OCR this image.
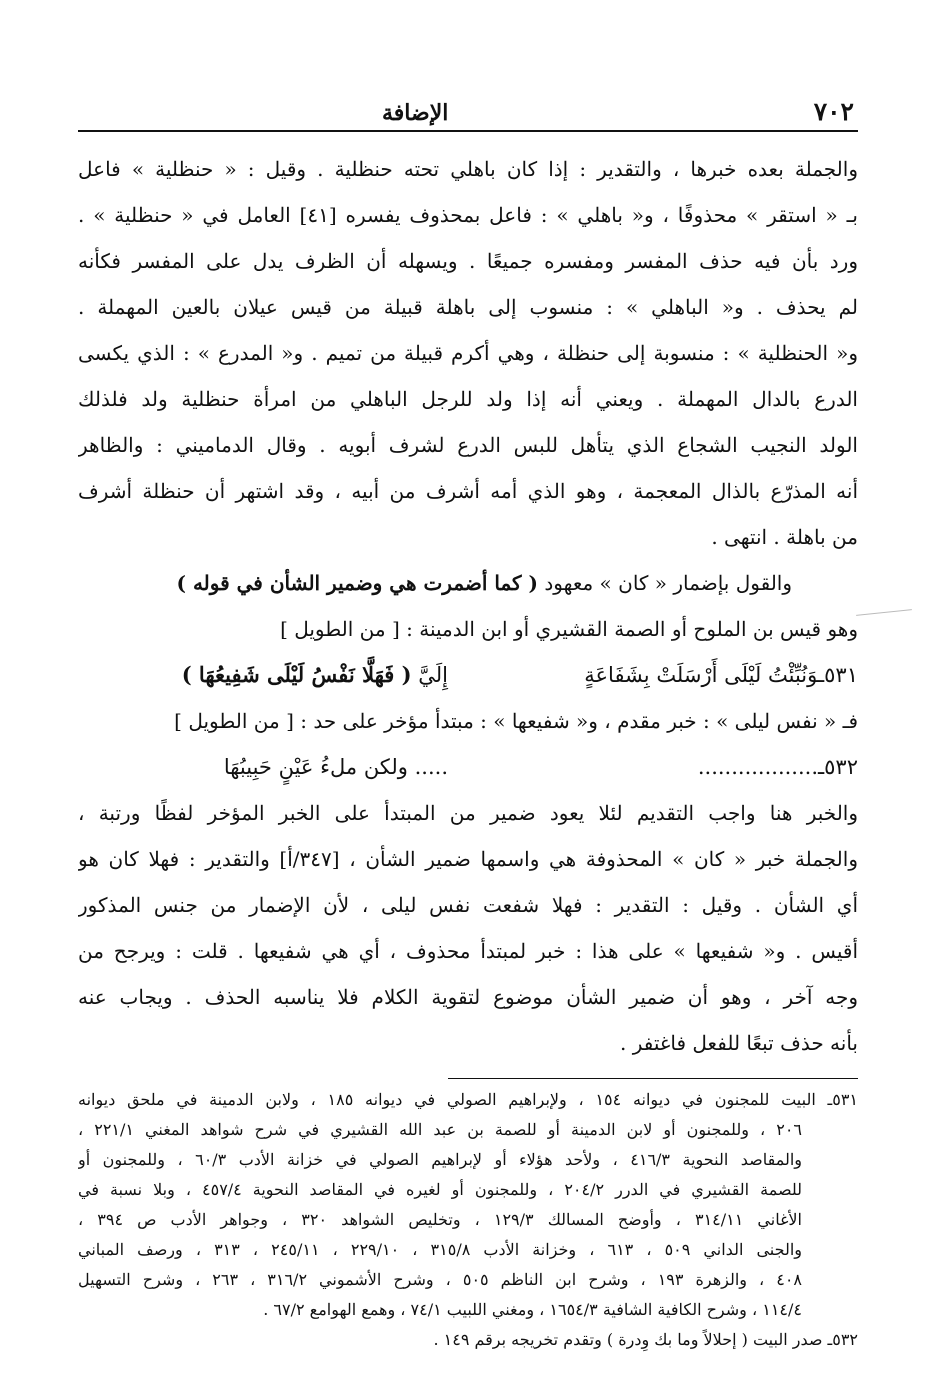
٧٠٢
الإضافة
والجملة بعده خبرها ، والتقدير : إذا كان باهلي تحته حنظلية . وقيل : « حنظلية » فاعل
بـ « استقر » محذوفًا ، و« باهلي » : فاعل بمحذوف يفسره [٤١] العامل في « حنظلية » .
ورد بأن فيه حذف المفسر ومفسره جميعًا . ويسهله أن الظرف يدل على المفسر فكأنه
لم يحذف . و« الباهلي » : منسوب إلى باهلة قبيلة من قيس عيلان بالعين المهملة .
و« الحنظلية » : منسوبة إلى حنظلة ، وهي أكرم قبيلة من تميم . و« المدرع » : الذي يكسى
الدرع بالدال المهملة . ويعني أنه إذا ولد للرجل الباهلي من امرأة حنظلية ولد فلذلك
الولد النجيب الشجاع الذي يتأهل للبس الدرع لشرف أبويه . وقال الدماميني : والظاهر
أنه المذرّع بالذال المعجمة ، وهو الذي أمه أشرف من أبيه ، وقد اشتهر أن حنظلة أشرف
من باهلة . انتهى .
والقول بإضمار « كان » معهود ( كما أضمرت هي وضمير الشأن في قوله )
وهو قيس بن الملوح أو الصمة القشيري أو ابن الدمينة : [ من الطويل ]
٥٣١ـوَنُبِّئْتُ لَيْلَى أَرْسَلَتْ بِشَفَاعَةٍ
إِلَيَّ ( فَهَلَّا نَفْسُ لَيْلَى شَفِيعُهَا )
فـ « نفس ليلى » : خبر مقدم ، و« شفيعها » : مبتدأ مؤخر على حد : [ من الطويل ]
٥٣٢ـ..................
..... ولكن ملءُ عَيْنٍ حَبِيبُهَا
والخبر هنا واجب التقديم لئلا يعود ضمير من المبتدأ على الخبر المؤخر لفظًا ورتبة ،
والجملة خبر « كان » المحذوفة هي واسمها ضمير الشأن ، [٣٤٧/أ] والتقدير : فهلا كان هو
أي الشأن . وقيل : التقدير : فهلا شفعت نفس ليلى ، لأن الإضمار من جنس المذكور
أقيس . و« شفيعها » على هذا : خبر لمبتدأ محذوف ، أي هي شفيعها . قلت : ويرجح من
وجه آخر ، وهو أن ضمير الشأن موضوع لتقوية الكلام فلا يناسبه الحذف . ويجاب عنه
بأنه حذف تبعًا للفعل فاغتفر .
٥٣١ـ البيت للمجنون في ديوانه ١٥٤ ، ولإبراهيم الصولي في ديوانه ١٨٥ ، ولابن الدمينة في ملحق ديوانه
٢٠٦ ، وللمجنون أو لابن الدمينة أو للصمة بن عبد الله القشيري في شرح شواهد المغني ٢٢١/١ ،
والمقاصد النحوية ٤١٦/٣ ، ولأحد هؤلاء أو لإبراهيم الصولي في خزانة الأدب ٦٠/٣ ، وللمجنون أو
للصمة القشيري في الدرر ٢٠٤/٢ ، وللمجنون أو لغيره في المقاصد النحوية ٤٥٧/٤ ، وبلا نسبة في
الأغاني ٣١٤/١١ ، وأوضح المسالك ١٢٩/٣ ، وتخليص الشواهد ٣٢٠ ، وجواهر الأدب ص ٣٩٤ ،
والجنى الداني ٥٠٩ ، ٦١٣ ، وخزانة الأدب ٣١٥/٨ ، ٢٢٩/١٠ ، ٢٤٥/١١ ، ٣١٣ ، ورصف المباني
٤٠٨ ، والزهرة ١٩٣ ، وشرح ابن الناظم ٥٠٥ ، وشرح الأشموني ٣١٦/٢ ، ٢٦٣ ، وشرح التسهيل
١١٤/٤ ، وشرح الكافية الشافية ١٦٥٤/٣ ، ومغني اللبيب ٧٤/١ ، وهمع الهوامع ٦٧/٢ .
٥٣٢ـ صدر البيت ( إحلالاً وما بك وِدرة ) وتقدم تخريجه برقم ١٤٩ .
